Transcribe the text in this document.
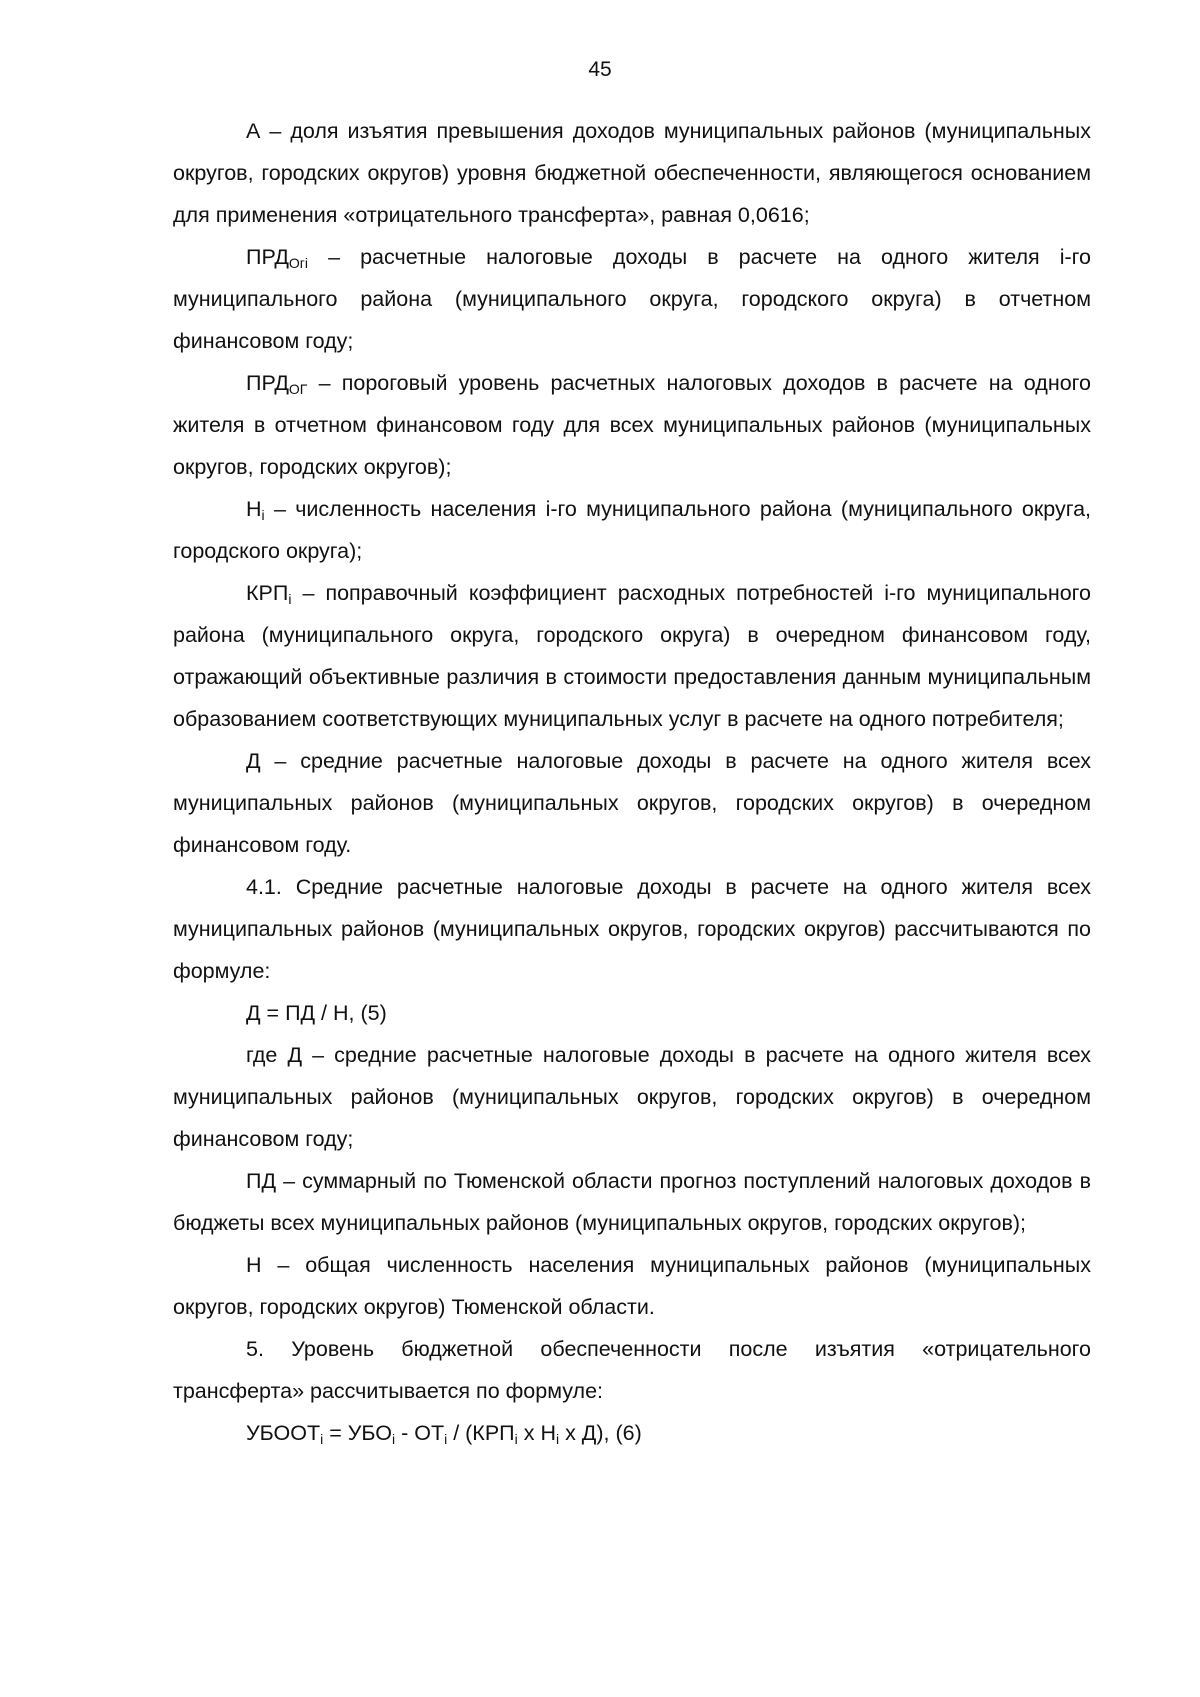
45

А – доля изъятия превышения доходов муниципальных районов (муниципальных округов, городских округов) уровня бюджетной обеспеченности, являющегося основанием для применения «отрицательного трансферта», равная 0,0616;

$ПРД_{Огi}$ – расчетные налоговые доходы в расчете на одного жителя i-го муниципального района (муниципального округа, городского округа) в отчетном финансовом году;

$ПРД_{ОГ}$ – пороговый уровень расчетных налоговых доходов в расчете на одного жителя в отчетном финансовом году для всех муниципальных районов (муниципальных округов, городских округов);

$Н_i$ – численность населения i-го муниципального района (муниципального округа, городского округа);

$КРП_i$ – поправочный коэффициент расходных потребностей i-го муниципального района (муниципального округа, городского округа) в очередном финансовом году, отражающий объективные различия в стоимости предоставления данным муниципальным образованием соответствующих муниципальных услуг в расчете на одного потребителя;

Д – средние расчетные налоговые доходы в расчете на одного жителя всех муниципальных районов (муниципальных округов, городских округов) в очередном финансовом году.

4.1. Средние расчетные налоговые доходы в расчете на одного жителя всех муниципальных районов (муниципальных округов, городских округов) рассчитываются по формуле:

Д = ПД / Н, (5)

где Д – средние расчетные налоговые доходы в расчете на одного жителя всех муниципальных районов (муниципальных округов, городских округов) в очередном финансовом году;

ПД – суммарный по Тюменской области прогноз поступлений налоговых доходов в бюджеты всех муниципальных районов (муниципальных округов, городских округов);

Н – общая численность населения муниципальных районов (муниципальных округов, городских округов) Тюменской области.

5. Уровень бюджетной обеспеченности после изъятия «отрицательного трансферта» рассчитывается по формуле:

$УБООТ_i = УБО_i - ОТ_i / (КРП_i$ х $Н_i$ х Д), (6)
